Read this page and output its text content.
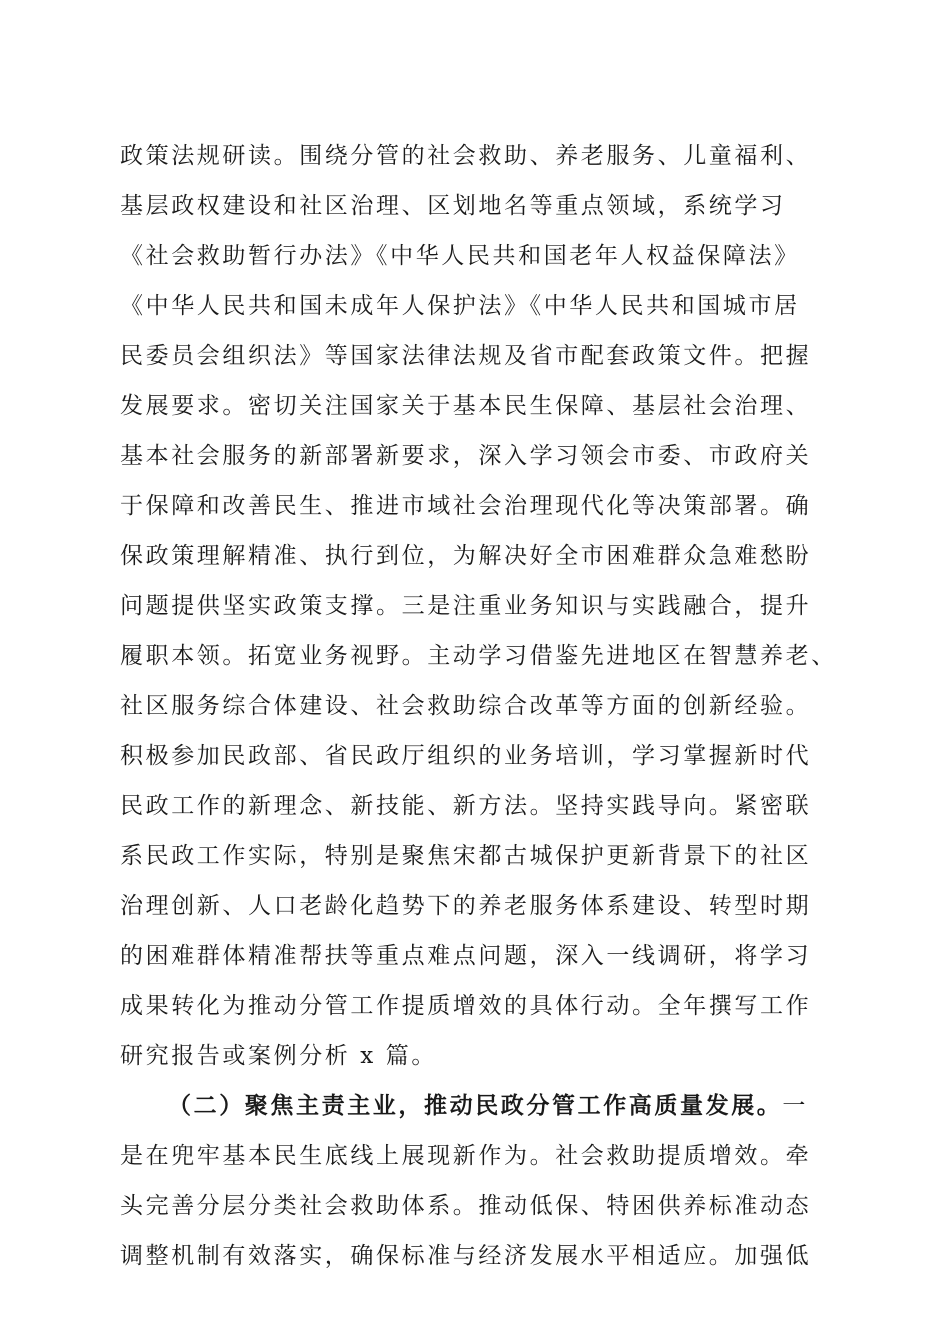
政策法规研读。围绕分管的社会救助、养老服务、儿童福利、
基层政权建设和社区治理、区划地名等重点领域，系统学习
《社会救助暂行办法》《中华人民共和国老年人权益保障法》
《中华人民共和国未成年人保护法》《中华人民共和国城市居
民委员会组织法》等国家法律法规及省市配套政策文件。把握
发展要求。密切关注国家关于基本民生保障、基层社会治理、
基本社会服务的新部署新要求，深入学习领会市委、市政府关
于保障和改善民生、推进市域社会治理现代化等决策部署。确
保政策理解精准、执行到位，为解决好全市困难群众急难愁盼
问题提供坚实政策支撑。三是注重业务知识与实践融合，提升
履职本领。拓宽业务视野。主动学习借鉴先进地区在智慧养老、
社区服务综合体建设、社会救助综合改革等方面的创新经验。
积极参加民政部、省民政厅组织的业务培训，学习掌握新时代
民政工作的新理念、新技能、新方法。坚持实践导向。紧密联
系民政工作实际，特别是聚焦宋都古城保护更新背景下的社区
治理创新、人口老龄化趋势下的养老服务体系建设、转型时期
的困难群体精准帮扶等重点难点问题，深入一线调研，将学习
成果转化为推动分管工作提质增效的具体行动。全年撰写工作
研究报告或案例分析 x 篇。
（二）聚焦主责主业，推动民政分管工作高质量发展。一
是在兜牢基本民生底线上展现新作为。社会救助提质增效。牵
头完善分层分类社会救助体系。推动低保、特困供养标准动态
调整机制有效落实，确保标准与经济发展水平相适应。加强低
